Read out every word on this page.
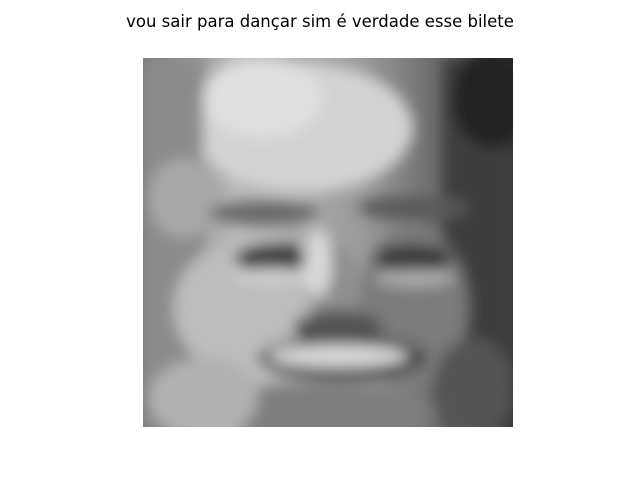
vou sair para dançar sim é verdade esse bilete
